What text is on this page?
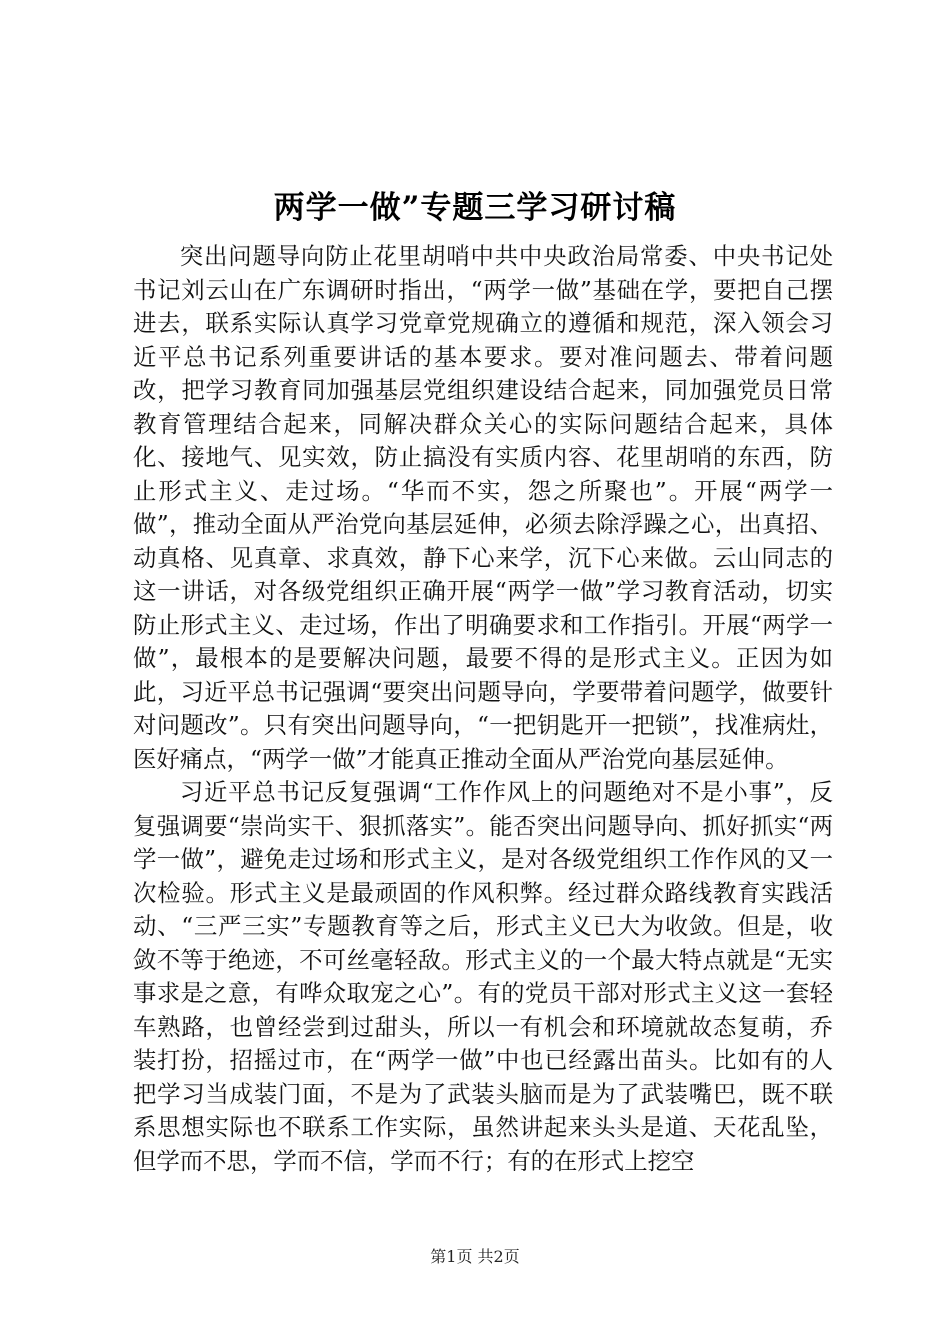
两学一做”专题三学习研讨稿

突出问题导向防止花里胡哨中共中央政治局常委、中央书记处书记刘云山在广东调研时指出，“两学一做”基础在学，要把自己摆进去，联系实际认真学习党章党规确立的遵循和规范，深入领会习近平总书记系列重要讲话的基本要求。要对准问题去、带着问题改，把学习教育同加强基层党组织建设结合起来，同加强党员日常教育管理结合起来，同解决群众关心的实际问题结合起来，具体化、接地气、见实效，防止搞没有实质内容、花里胡哨的东西，防止形式主义、走过场。“华而不实，怨之所聚也”。开展“两学一做”，推动全面从严治党向基层延伸，必须去除浮躁之心，出真招、动真格、见真章、求真效，静下心来学，沉下心来做。云山同志的这一讲话，对各级党组织正确开展“两学一做”学习教育活动，切实防止形式主义、走过场，作出了明确要求和工作指引。开展“两学一做”，最根本的是要解决问题，最要不得的是形式主义。正因为如此，习近平总书记强调“要突出问题导向，学要带着问题学，做要针对问题改”。只有突出问题导向，“一把钥匙开一把锁”，找准病灶，医好痛点，“两学一做”才能真正推动全面从严治党向基层延伸。

习近平总书记反复强调“工作作风上的问题绝对不是小事”，反复强调要“崇尚实干、狠抓落实”。能否突出问题导向、抓好抓实“两学一做”，避免走过场和形式主义，是对各级党组织工作作风的又一次检验。形式主义是最顽固的作风积弊。经过群众路线教育实践活动、“三严三实”专题教育等之后，形式主义已大为收敛。但是，收敛不等于绝迹，不可丝毫轻敌。形式主义的一个最大特点就是“无实事求是之意，有哗众取宠之心”。有的党员干部对形式主义这一套轻车熟路，也曾经尝到过甜头，所以一有机会和环境就故态复萌，乔装打扮，招摇过市，在“两学一做”中也已经露出苗头。比如有的人把学习当成装门面，不是为了武装头脑而是为了武装嘴巴，既不联系思想实际也不联系工作实际，虽然讲起来头头是道、天花乱坠，但学而不思，学而不信，学而不行；有的在形式上挖空

第1页 共2页
